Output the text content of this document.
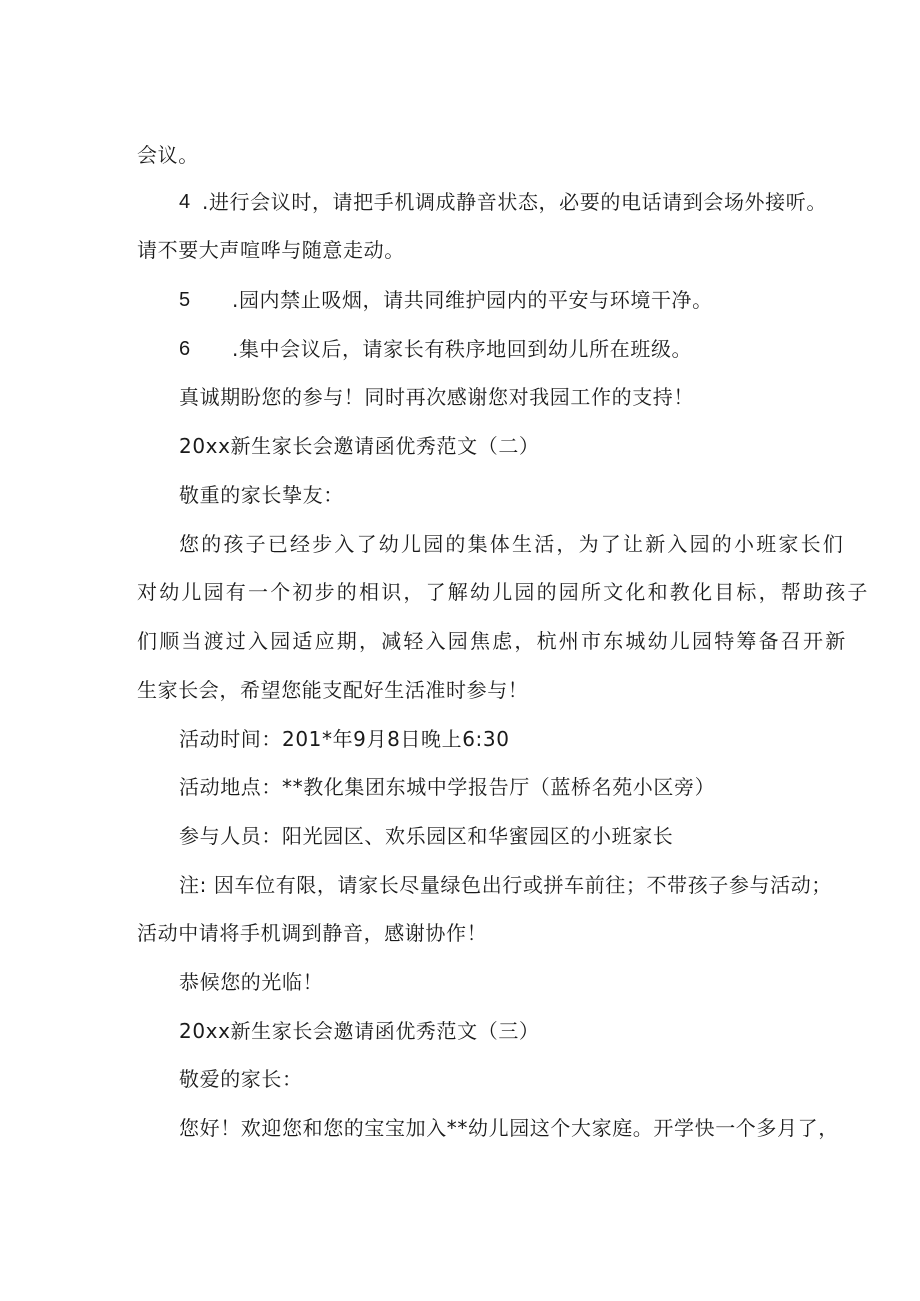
会议。
4 .进行会议时，请把手机调成静音状态，必要的电话请到会场外接听。
请不要大声喧哗与随意走动。
5 .园内禁止吸烟，请共同维护园内的平安与环境干净。
6 .集中会议后，请家长有秩序地回到幼儿所在班级。
真诚期盼您的参与！同时再次感谢您对我园工作的支持！
20xx新生家长会邀请函优秀范文（二）
敬重的家长挚友：
您的孩子已经步入了幼儿园的集体生活，为了让新入园的小班家长们
对幼儿园有一个初步的相识，了解幼儿园的园所文化和教化目标，帮助孩子
们顺当渡过入园适应期，减轻入园焦虑，杭州市东城幼儿园特筹备召开新
生家长会，希望您能支配好生活准时参与！
活动时间：201*年9月8日晚上6:30
活动地点：**教化集团东城中学报告厅（蓝桥名苑小区旁）
参与人员：阳光园区、欢乐园区和华蜜园区的小班家长
注: 因车位有限，请家长尽量绿色出行或拼车前往；不带孩子参与活动；
活动中请将手机调到静音，感谢协作！
恭候您的光临！
20xx新生家长会邀请函优秀范文（三）
敬爱的家长：
您好！欢迎您和您的宝宝加入**幼儿园这个大家庭。开学快一个多月了，
